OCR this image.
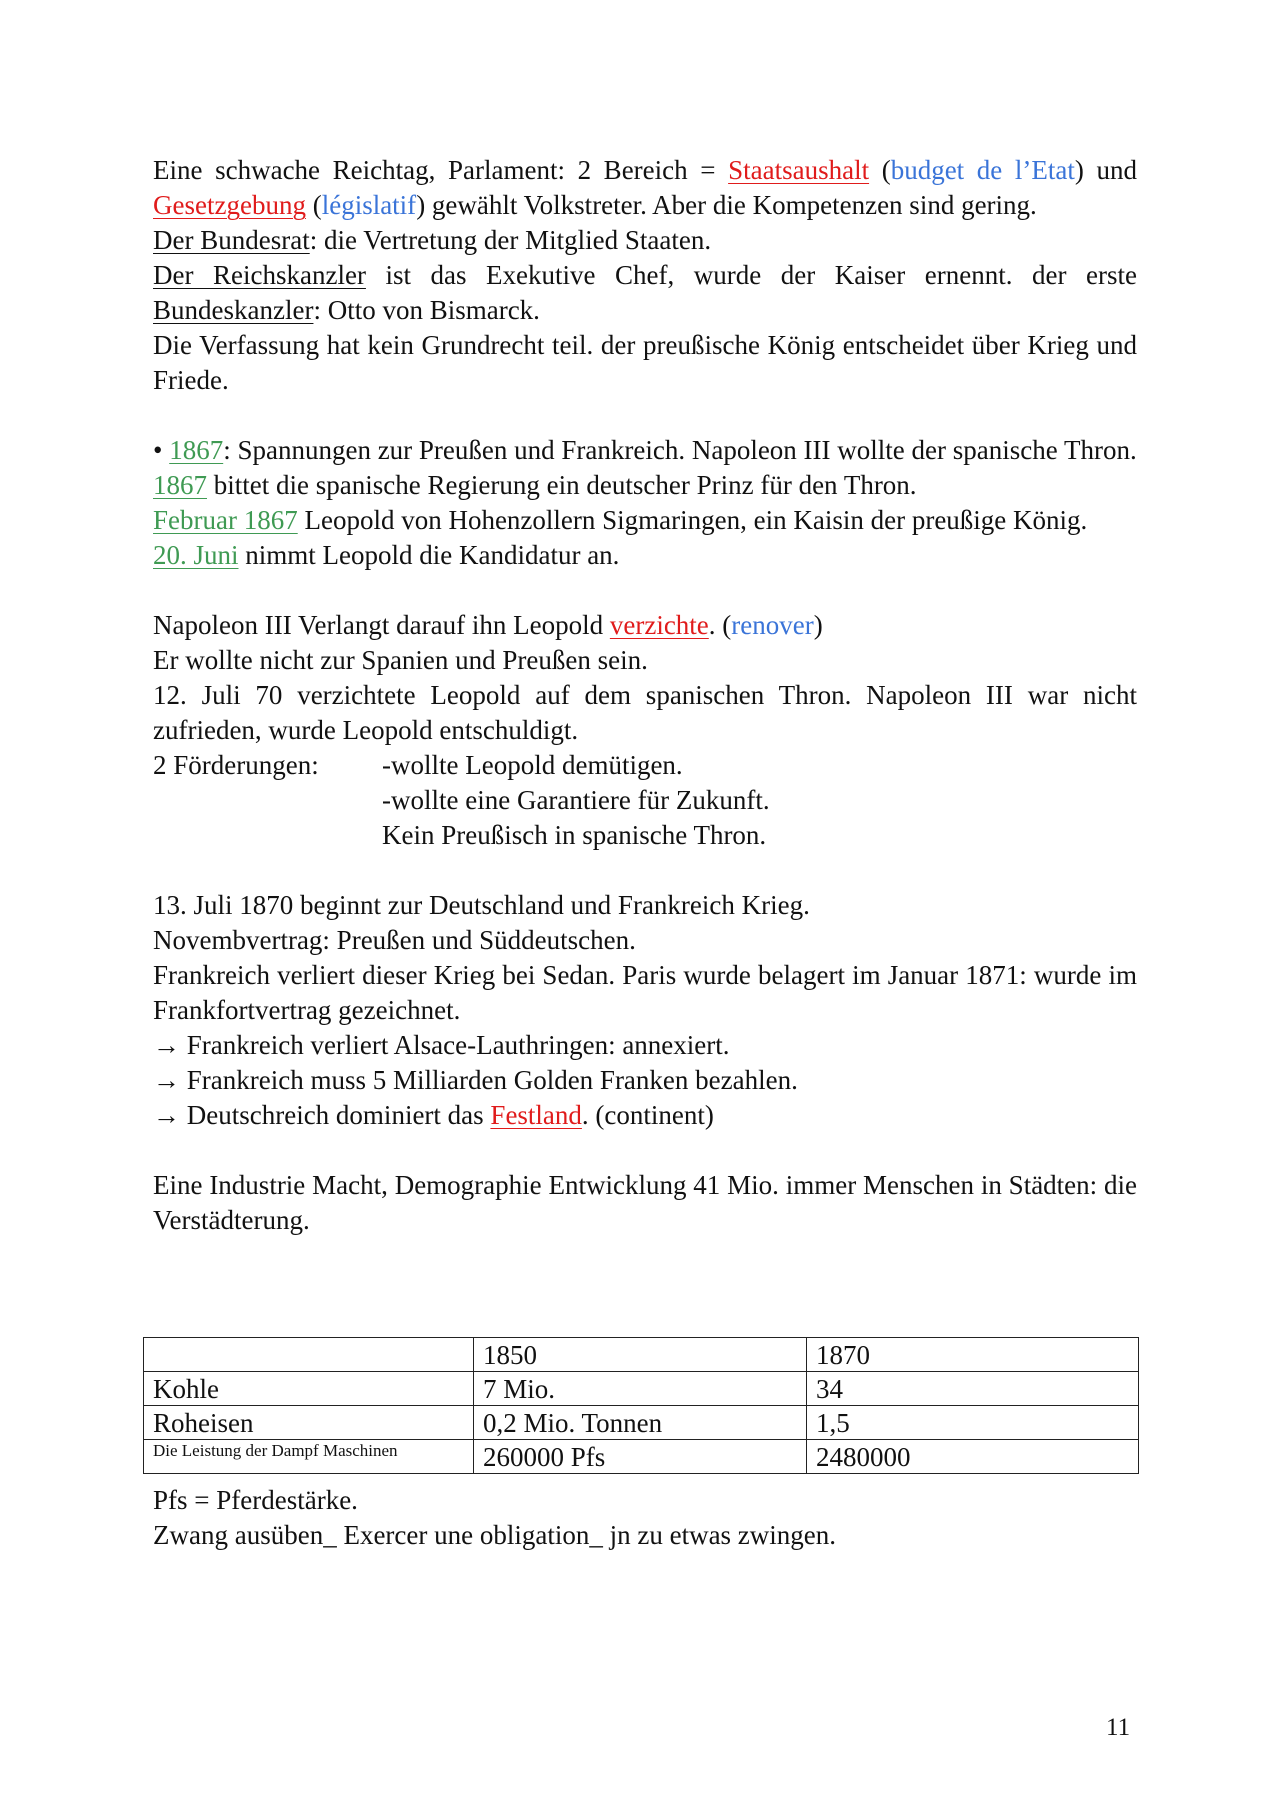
Eine schwache Reichtag, Parlament: 2 Bereich = Staatsaushalt (budget de l’Etat) und Gesetzgebung (législatif) gewählt Volkstreter. Aber die Kompetenzen sind gering.

Der Bundesrat: die Vertretung der Mitglied Staaten.

Der Reichskanzler ist das Exekutive Chef, wurde der Kaiser ernennt. der erste Bundeskanzler: Otto von Bismarck.

Die Verfassung hat kein Grundrecht teil. der preußische König entscheidet über Krieg und Friede.

• 1867: Spannungen zur Preußen und Frankreich. Napoleon III wollte der spanische Thron.

1867 bittet die spanische Regierung ein deutscher Prinz für den Thron.

Februar 1867 Leopold von Hohenzollern Sigmaringen, ein Kaisin der preußige König.

20. Juni nimmt Leopold die Kandidatur an.

Napoleon III Verlangt darauf ihn Leopold verzichte. (renover)

Er wollte nicht zur Spanien und Preußen sein.

12. Juli 70 verzichtete Leopold auf dem spanischen Thron. Napoleon III war nicht zufrieden, wurde Leopold entschuldigt.

2 Förderungen:	-wollte Leopold demütigen.

-wollte eine Garantiere für Zukunft.

Kein Preußisch in spanische Thron.

13. Juli 1870 beginnt zur Deutschland und Frankreich Krieg.

Novembvertrag: Preußen und Süddeutschen.

Frankreich verliert dieser Krieg bei Sedan. Paris wurde belagert im Januar 1871: wurde im Frankfortvertrag gezeichnet.

→ Frankreich verliert Alsace-Lauthringen: annexiert.

→ Frankreich muss 5 Milliarden Golden Franken bezahlen.

→ Deutschreich dominiert das Festland. (continent)

Eine Industrie Macht, Demographie Entwicklung 41 Mio. immer Menschen in Städten: die Verstädterung.

	1850	1870
Kohle	7 Mio.	34
Roheisen	0,2 Mio. Tonnen	1,5
Die Leistung der Dampf Maschinen	260000 Pfs	2480000

Pfs = Pferdestärke.

Zwang ausüben_ Exercer une obligation_ jn zu etwas zwingen.

11
